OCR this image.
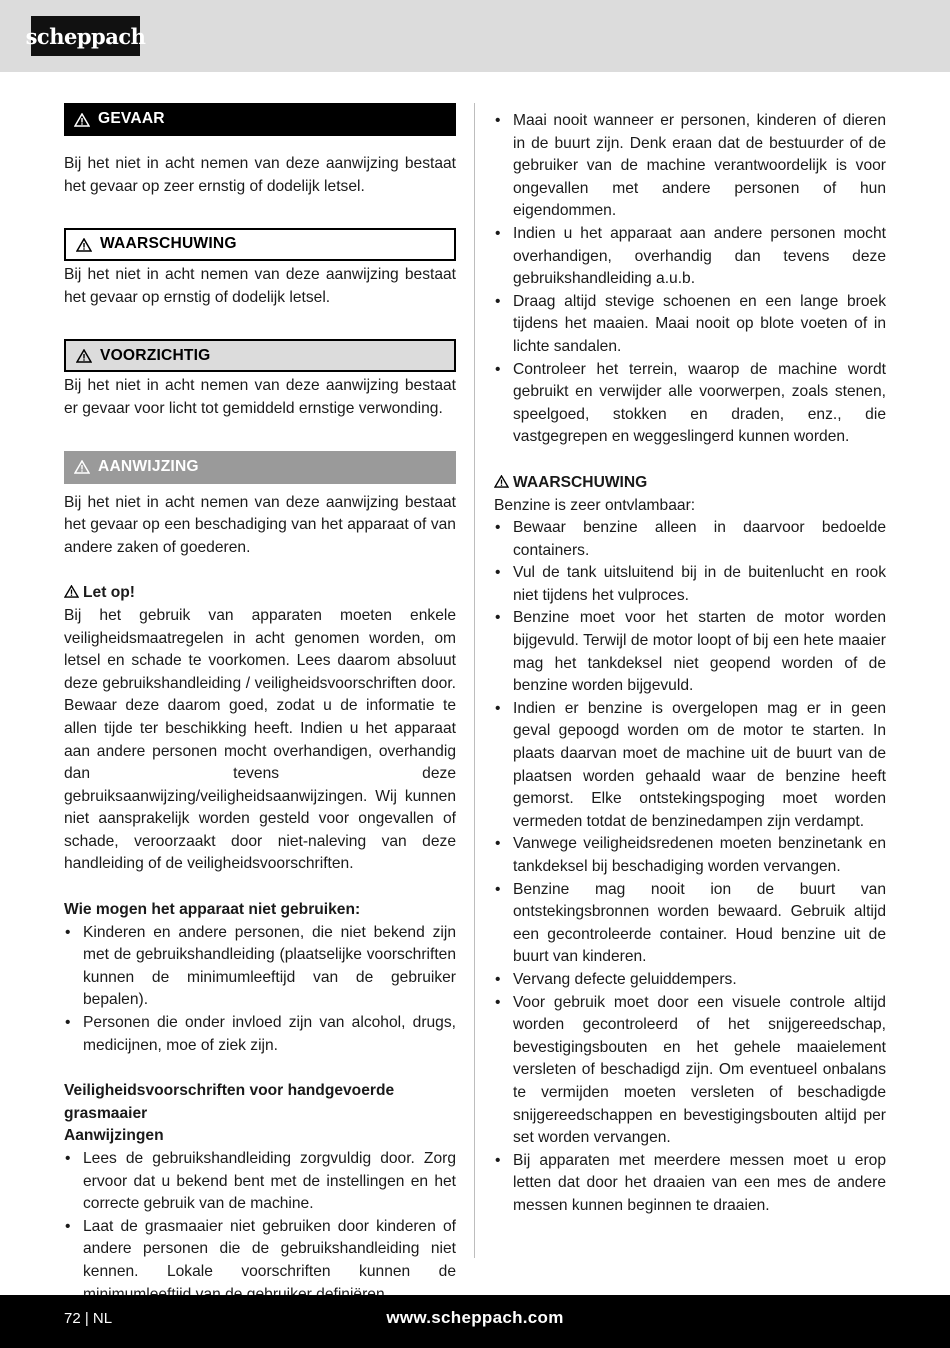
scheppach
GEVAAR

Bij het niet in acht nemen van deze aanwijzing bestaat het gevaar op zeer ernstig of dodelijk letsel.

WAARSCHUWING

Bij het niet in acht nemen van deze aanwijzing bestaat het gevaar op ernstig of dodelijk letsel.

VOORZICHTIG

Bij het niet in acht nemen van deze aanwijzing bestaat er gevaar voor licht tot gemiddeld ernstige verwonding.

AANWIJZING

Bij het niet in acht nemen van deze aanwijzing bestaat het gevaar op een beschadiging van het apparaat of van andere zaken of goederen.

Let op!

Bij het gebruik van apparaten moeten enkele veiligheidsmaatregelen in acht genomen worden, om letsel en schade te voorkomen. Lees daarom absoluut deze gebruikshandleiding / veiligheidsvoorschriften door. Bewaar deze daarom goed, zodat u de informatie te allen tijde ter beschikking heeft. Indien u het apparaat aan andere personen mocht overhandigen, overhandig dan tevens deze gebruiksaanwijzing/veiligheidsaanwijzingen. Wij kunnen niet aansprakelijk worden gesteld voor ongevallen of schade, veroorzaakt door niet-naleving van deze handleiding of de veiligheidsvoorschriften.

Wie mogen het apparaat niet gebruiken:
• Kinderen en andere personen, die niet bekend zijn met de gebruikshandleiding (plaatselijke voorschriften kunnen de minimumleeftijd van de gebruiker bepalen).
• Personen die onder invloed zijn van alcohol, drugs, medicijnen, moe of ziek zijn.
Veiligheidsvoorschriften voor handgevoerde grasmaaier
Aanwijzingen
• Lees de gebruikshandleiding zorgvuldig door. Zorg ervoor dat u bekend bent met de instellingen en het correcte gebruik van de machine.
• Laat de grasmaaier niet gebruiken door kinderen of andere personen die de gebruikshandleiding niet kennen. Lokale voorschriften kunnen de
• Maai nooit wanneer er personen, kinderen of dieren in de buurt zijn. Denk eraan dat de bestuurder of de gebruiker van de machine verantwoordelijk is voor ongevallen met andere personen of hun eigendommen.
• Indien u het apparaat aan andere personen mocht overhandigen, overhandig dan tevens deze gebruikshandleiding a.u.b.
• Draag altijd stevige schoenen en een lange broek tijdens het maaien. Maai nooit op blote voeten of in lichte sandalen.
• Controleer het terrein, waarop de machine wordt gebruikt en verwijder alle voorwerpen, zoals stenen, speelgoed, stokken en draden, enz., die vastgegrepen en weggeslingerd kunnen worden.
WAARSCHUWING
Benzine is zeer ontvlambaar:
• Bewaar benzine alleen in daarvoor bedoelde containers.
• Vul de tank uitsluitend bij in de buitenlucht en rook niet tijdens het vulproces.
• Benzine moet voor het starten de motor worden bijgevuld. Terwijl de motor loopt of bij een hete maaier mag het tankdeksel niet geopend worden of de benzine worden bijgevuld.
• Indien er benzine is overgelopen mag er in geen geval gepoogd worden om de motor te starten. In plaats daarvan moet de machine uit de buurt van de plaatsen worden gehaald waar de benzine heeft gemorst. Elke ontstekingspoging moet worden vermeden totdat de benzinedampen zijn verdampt.
• Vanwege veiligheidsredenen moeten benzinetank en tankdeksel bij beschadiging worden vervangen.
• Benzine mag nooit ion de buurt van ontstekingsbronnen worden bewaard. Gebruik altijd een gecontroleerde container. Houd benzine uit de buurt van kinderen.
• Vervang defecte geluiddempers.
• Voor gebruik moet door een visuele controle altijd worden gecontroleerd of het snijgereedschap, bevestigingsbouten en het gehele maaielement versleten of beschadigd zijn. Om eventueel onbalans te vermijden moeten versleten of beschadigde snijgereedschappen en bevestigingsbouten altijd per set worden vervangen.
• Bij apparaten met meerdere messen moet u erop letten dat door het draaien van een mes de andere messen kunnen beginnen te draaien.
72 | NL	www.scheppach.com
